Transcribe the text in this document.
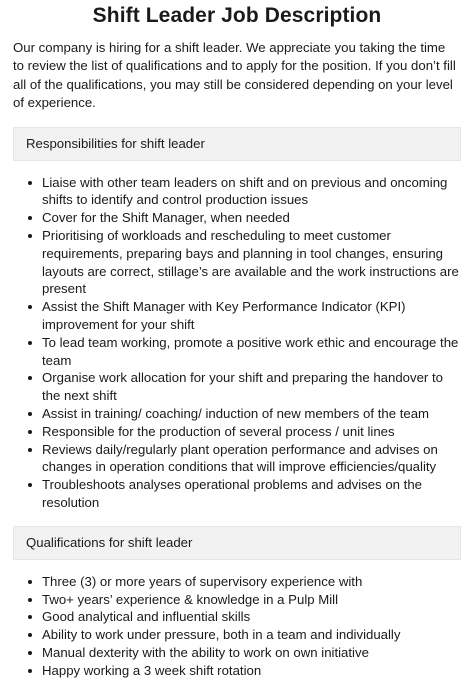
Shift Leader Job Description

Our company is hiring for a shift leader. We appreciate you taking the time to review the list of qualifications and to apply for the position. If you don’t fill all of the qualifications, you may still be considered depending on your level of experience.

Responsibilities for shift leader
Liaise with other team leaders on shift and on previous and oncoming shifts to identify and control production issues
Cover for the Shift Manager, when needed
Prioritising of workloads and rescheduling to meet customer requirements, preparing bays and planning in tool changes, ensuring layouts are correct, stillage’s are available and the work instructions are present
Assist the Shift Manager with Key Performance Indicator (KPI) improvement for your shift
To lead team working, promote a positive work ethic and encourage the team
Organise work allocation for your shift and preparing the handover to the next shift
Assist in training/ coaching/ induction of new members of the team
Responsible for the production of several process / unit lines
Reviews daily/regularly plant operation performance and advises on changes in operation conditions that will improve efficiencies/quality
Troubleshoots analyses operational problems and advises on the resolution
Qualifications for shift leader
Three (3) or more years of supervisory experience with
Two+ years’ experience & knowledge in a Pulp Mill
Good analytical and influential skills
Ability to work under pressure, both in a team and individually
Manual dexterity with the ability to work on own initiative
Happy working a 3 week shift rotation
